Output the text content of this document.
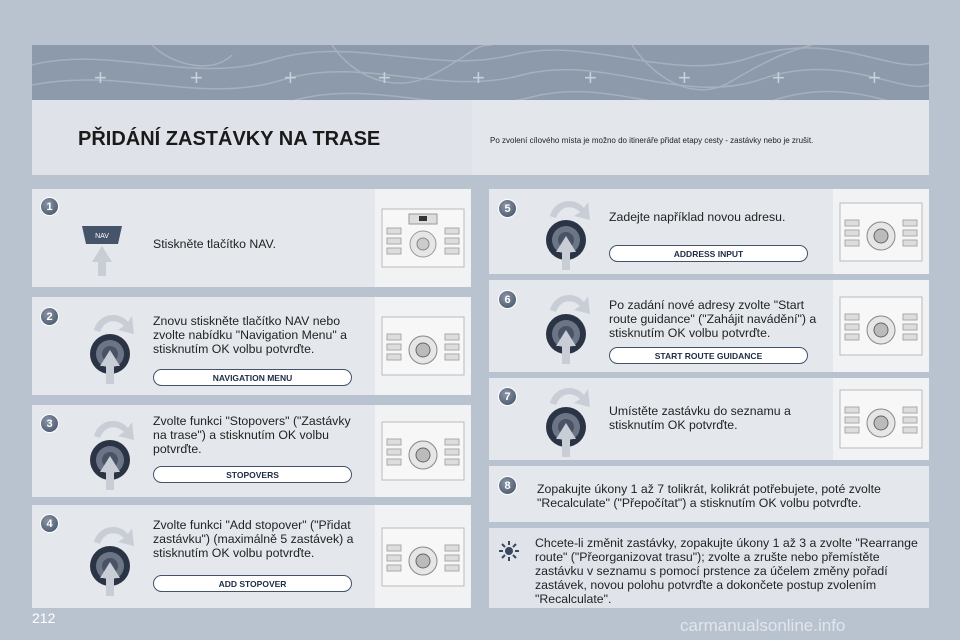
+	+	+	+	+	+	+	+	+
PŘIDÁNÍ ZASTÁVKY NA TRASE	Po zvolení cílového místa je možno do itineráře přidat etapy cesty - zastávky nebo je zrušit.
1
NAV
Stiskněte tlačítko NAV.
2	Znovu stiskněte tlačítko NAV nebo zvolte nabídku "Navigation Menu" a stisknutím OK volbu potvrďte.
NAVIGATION MENU
3	Zvolte funkci "Stopovers" ("Zastávky na trase") a stisknutím OK volbu potvrďte.
STOPOVERS
4	Zvolte funkci "Add stopover" ("Přidat zastávku") (maximálně 5 zastávek) a stisknutím OK volbu potvrďte.
ADD STOPOVER
5
Zadejte například novou adresu.
ADDRESS INPUT
6	Po zadání nové adresy zvolte "Start route guidance" ("Zahájit navádění") a stisknutím OK volbu potvrďte.
START ROUTE GUIDANCE
7
Umístěte zastávku do seznamu a stisknutím OK potvrďte.
8	Zopakujte úkony 1 až 7 tolikrát, kolikrát potřebujete, poté zvolte "Recalculate" ("Přepočítat") a stisknutím OK volbu potvrďte.
Chcete-li změnit zastávky, zopakujte úkony 1 až 3 a zvolte "Rearrange route" ("Přeorganizovat trasu"); zvolte a zrušte nebo přemístěte zastávku v seznamu s pomocí prstence za účelem změny pořadí zastávek, novou polohu potvrďte a dokončete postup zvolením "Recalculate".
212	carmanualsonline.info
